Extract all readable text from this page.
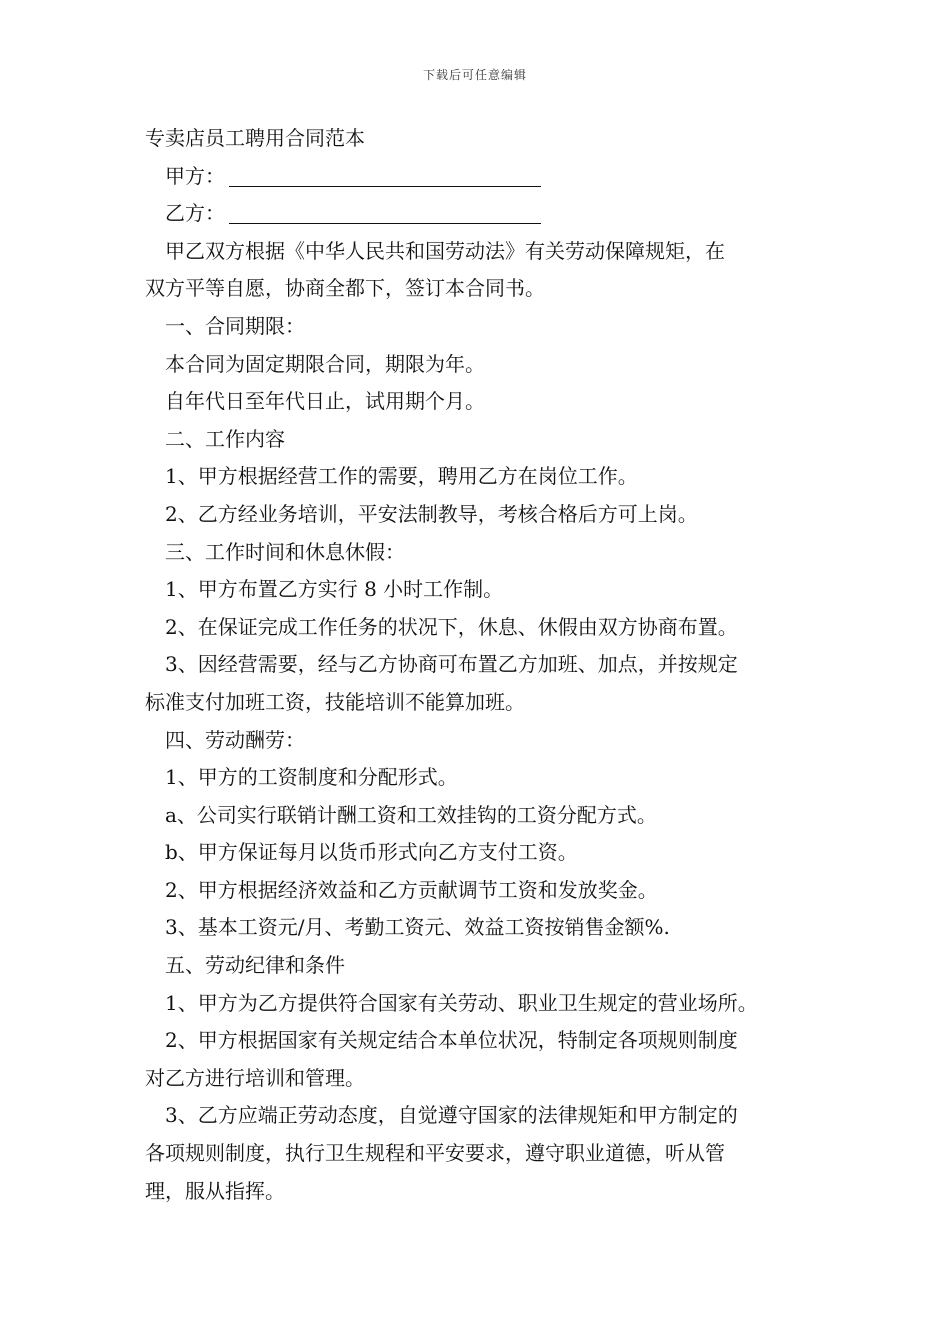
下载后可任意编辑
专卖店员工聘用合同范本
甲方：
乙方：
甲乙双方根据《中华人民共和国劳动法》有关劳动保障规矩，在
双方平等自愿，协商全都下，签订本合同书。
一、合同期限：
本合同为固定期限合同，期限为年。
自年代日至年代日止，试用期个月。
二、工作内容
1、甲方根据经营工作的需要，聘用乙方在岗位工作。
2、乙方经业务培训，平安法制教导，考核合格后方可上岗。
三、工作时间和休息休假：
1、甲方布置乙方实行 8 小时工作制。
2、在保证完成工作任务的状况下，休息、休假由双方协商布置。
3、因经营需要，经与乙方协商可布置乙方加班、加点，并按规定
标准支付加班工资，技能培训不能算加班。
四、劳动酬劳：
1、甲方的工资制度和分配形式。
a、公司实行联销计酬工资和工效挂钩的工资分配方式。
b、甲方保证每月以货币形式向乙方支付工资。
2、甲方根据经济效益和乙方贡献调节工资和发放奖金。
3、基本工资元/月、考勤工资元、效益工资按销售金额%.
五、劳动纪律和条件
1、甲方为乙方提供符合国家有关劳动、职业卫生规定的营业场所。
2、甲方根据国家有关规定结合本单位状况，特制定各项规则制度
对乙方进行培训和管理。
3、乙方应端正劳动态度，自觉遵守国家的法律规矩和甲方制定的
各项规则制度，执行卫生规程和平安要求，遵守职业道德，听从管
理，服从指挥。
